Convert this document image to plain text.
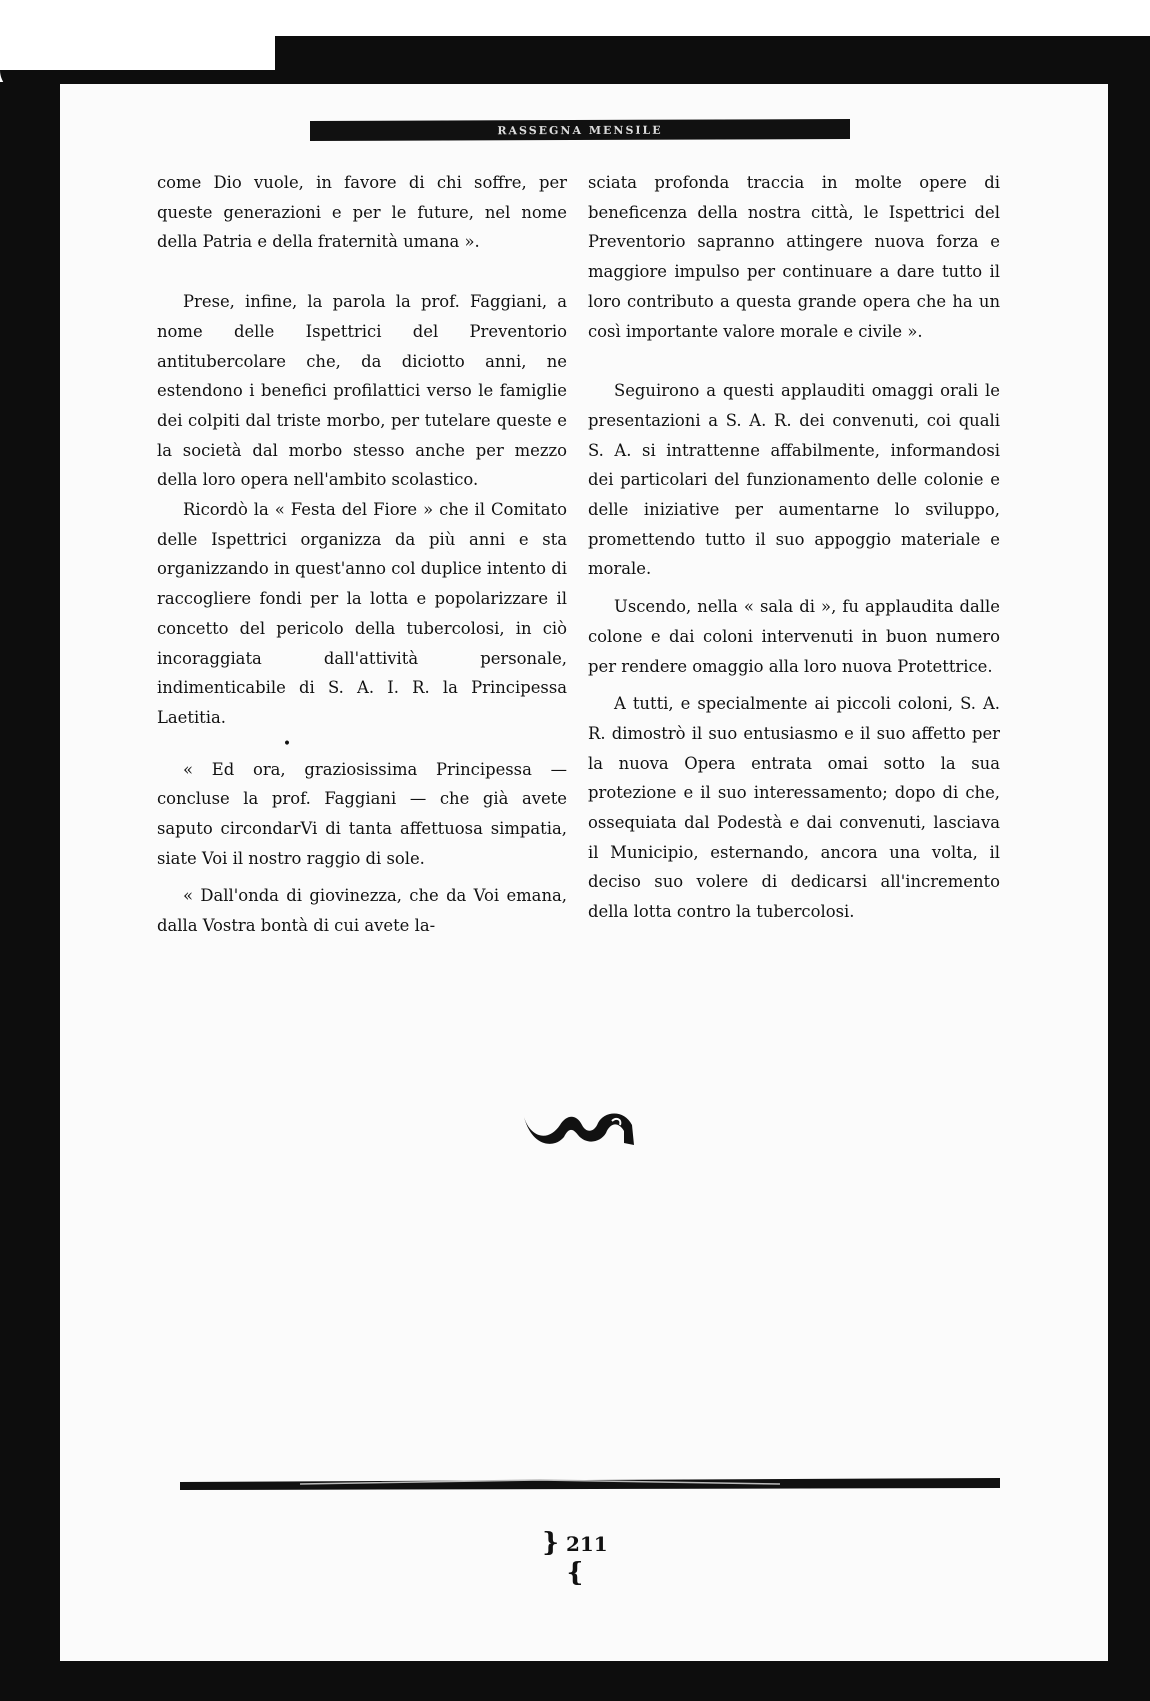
RASSEGNA MENSILE

come Dio vuole, in favore di chi soffre, per queste generazioni e per le future, nel nome della Patria e della fraternità umana ».

Prese, infine, la parola la prof. Faggiani, a nome delle Ispettrici del Preventorio antitubercolare che, da diciotto anni, ne estendono i benefici profilattici verso le famiglie dei colpiti dal triste morbo, per tutelare queste e la società dal morbo stesso anche per mezzo della loro opera nell'ambito scolastico.

Ricordò la « Festa del Fiore » che il Comitato delle Ispettrici organizza da più anni e sta organizzando in quest'anno col duplice intento di raccogliere fondi per la lotta e popolarizzare il concetto del pericolo della tubercolosi, in ciò incoraggiata dall'attività personale, indimenticabile di S. A. I. R. la Principessa Laetitia.

•

« Ed ora, graziosissima Principessa — concluse la prof. Faggiani — che già avete saputo circondarVi di tanta affettuosa simpatia, siate Voi il nostro raggio di sole.

« Dall'onda di giovinezza, che da Voi emana, dalla Vostra bontà di cui avete la-

sciata profonda traccia in molte opere di beneficenza della nostra città, le Ispettrici del Preventorio sapranno attingere nuova forza e maggiore impulso per continuare a dare tutto il loro contributo a questa grande opera che ha un così importante valore morale e civile ».

Seguirono a questi applauditi omaggi orali le presentazioni a S. A. R. dei convenuti, coi quali S. A. si intrattenne affabilmente, informandosi dei particolari del funzionamento delle colonie e delle iniziative per aumentarne lo sviluppo, promettendo tutto il suo appoggio materiale e morale.

Uscendo, nella « sala di », fu applaudita dalle colone e dai coloni intervenuti in buon numero per rendere omaggio alla loro nuova Protettrice.

A tutti, e specialmente ai piccoli coloni, S. A. R. dimostrò il suo entusiasmo e il suo affetto per la nuova Opera entrata omai sotto la sua protezione e il suo interessamento; dopo di che, ossequiata dal Podestà e dai convenuti, lasciava il Municipio, esternando, ancora una volta, il deciso suo volere di dedicarsi all'incremento della lotta contro la tubercolosi.

} 211 {
